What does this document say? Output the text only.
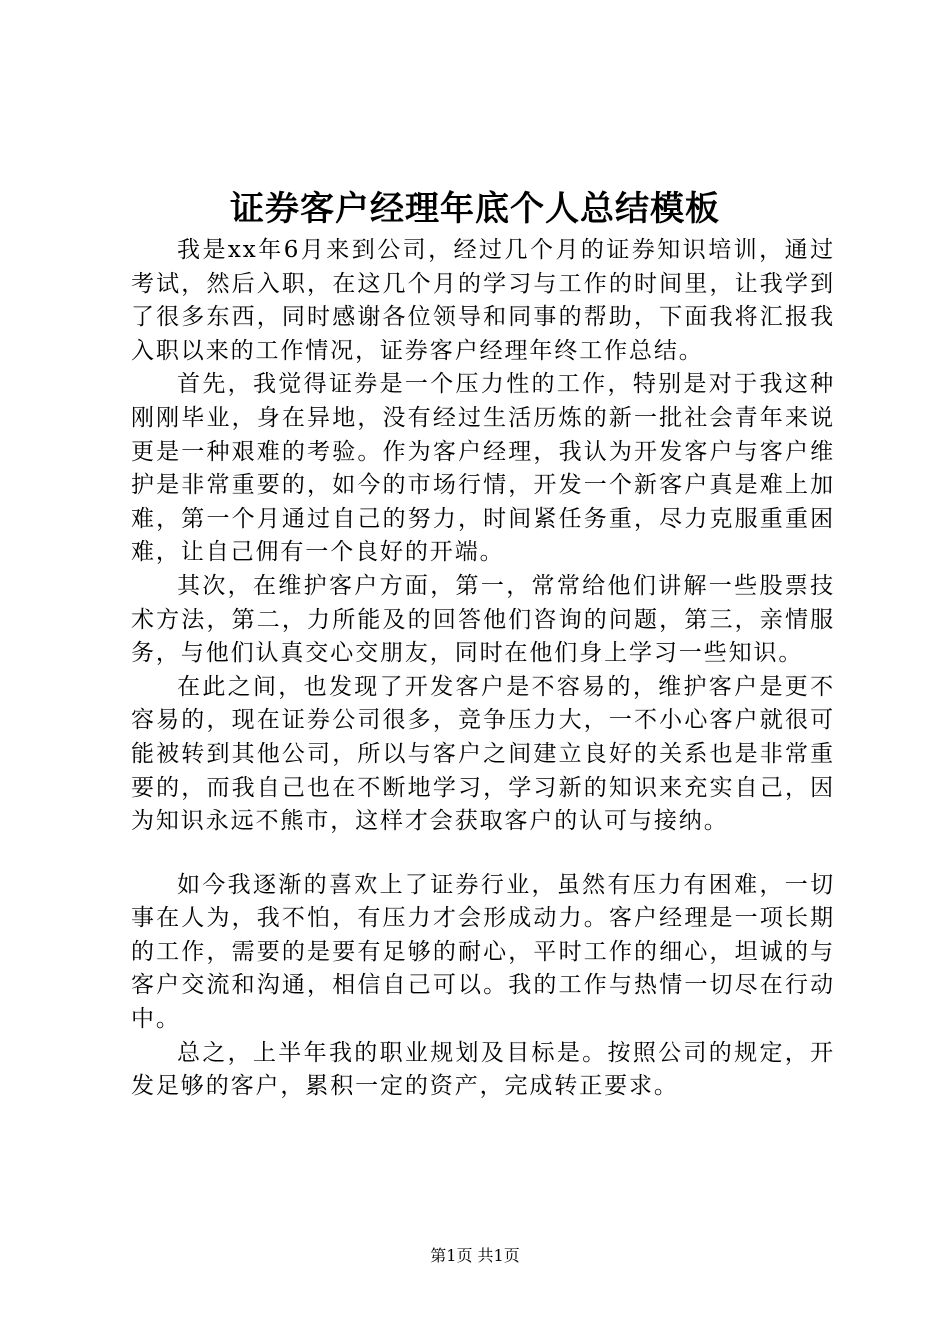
证券客户经理年底个人总结模板

我是xx年6月来到公司，经过几个月的证券知识培训，通过考试，然后入职，在这几个月的学习与工作的时间里，让我学到了很多东西，同时感谢各位领导和同事的帮助，下面我将汇报我入职以来的工作情况，证券客户经理年终工作总结。

首先，我觉得证券是一个压力性的工作，特别是对于我这种刚刚毕业，身在异地，没有经过生活历炼的新一批社会青年来说更是一种艰难的考验。作为客户经理，我认为开发客户与客户维护是非常重要的，如今的市场行情，开发一个新客户真是难上加难，第一个月通过自己的努力，时间紧任务重，尽力克服重重困难，让自己佣有一个良好的开端。

其次，在维护客户方面，第一，常常给他们讲解一些股票技术方法，第二，力所能及的回答他们咨询的问题，第三，亲情服务，与他们认真交心交朋友，同时在他们身上学习一些知识。

在此之间，也发现了开发客户是不容易的，维护客户是更不容易的，现在证券公司很多，竞争压力大，一不小心客户就很可能被转到其他公司，所以与客户之间建立良好的关系也是非常重要的，而我自己也在不断地学习，学习新的知识来充实自己，因为知识永远不熊市，这样才会获取客户的认可与接纳。

如今我逐渐的喜欢上了证券行业，虽然有压力有困难，一切事在人为，我不怕，有压力才会形成动力。客户经理是一项长期的工作，需要的是要有足够的耐心，平时工作的细心，坦诚的与客户交流和沟通，相信自己可以。我的工作与热情一切尽在行动中。

总之，上半年我的职业规划及目标是。按照公司的规定，开发足够的客户，累积一定的资产，完成转正要求。

第1页 共1页
